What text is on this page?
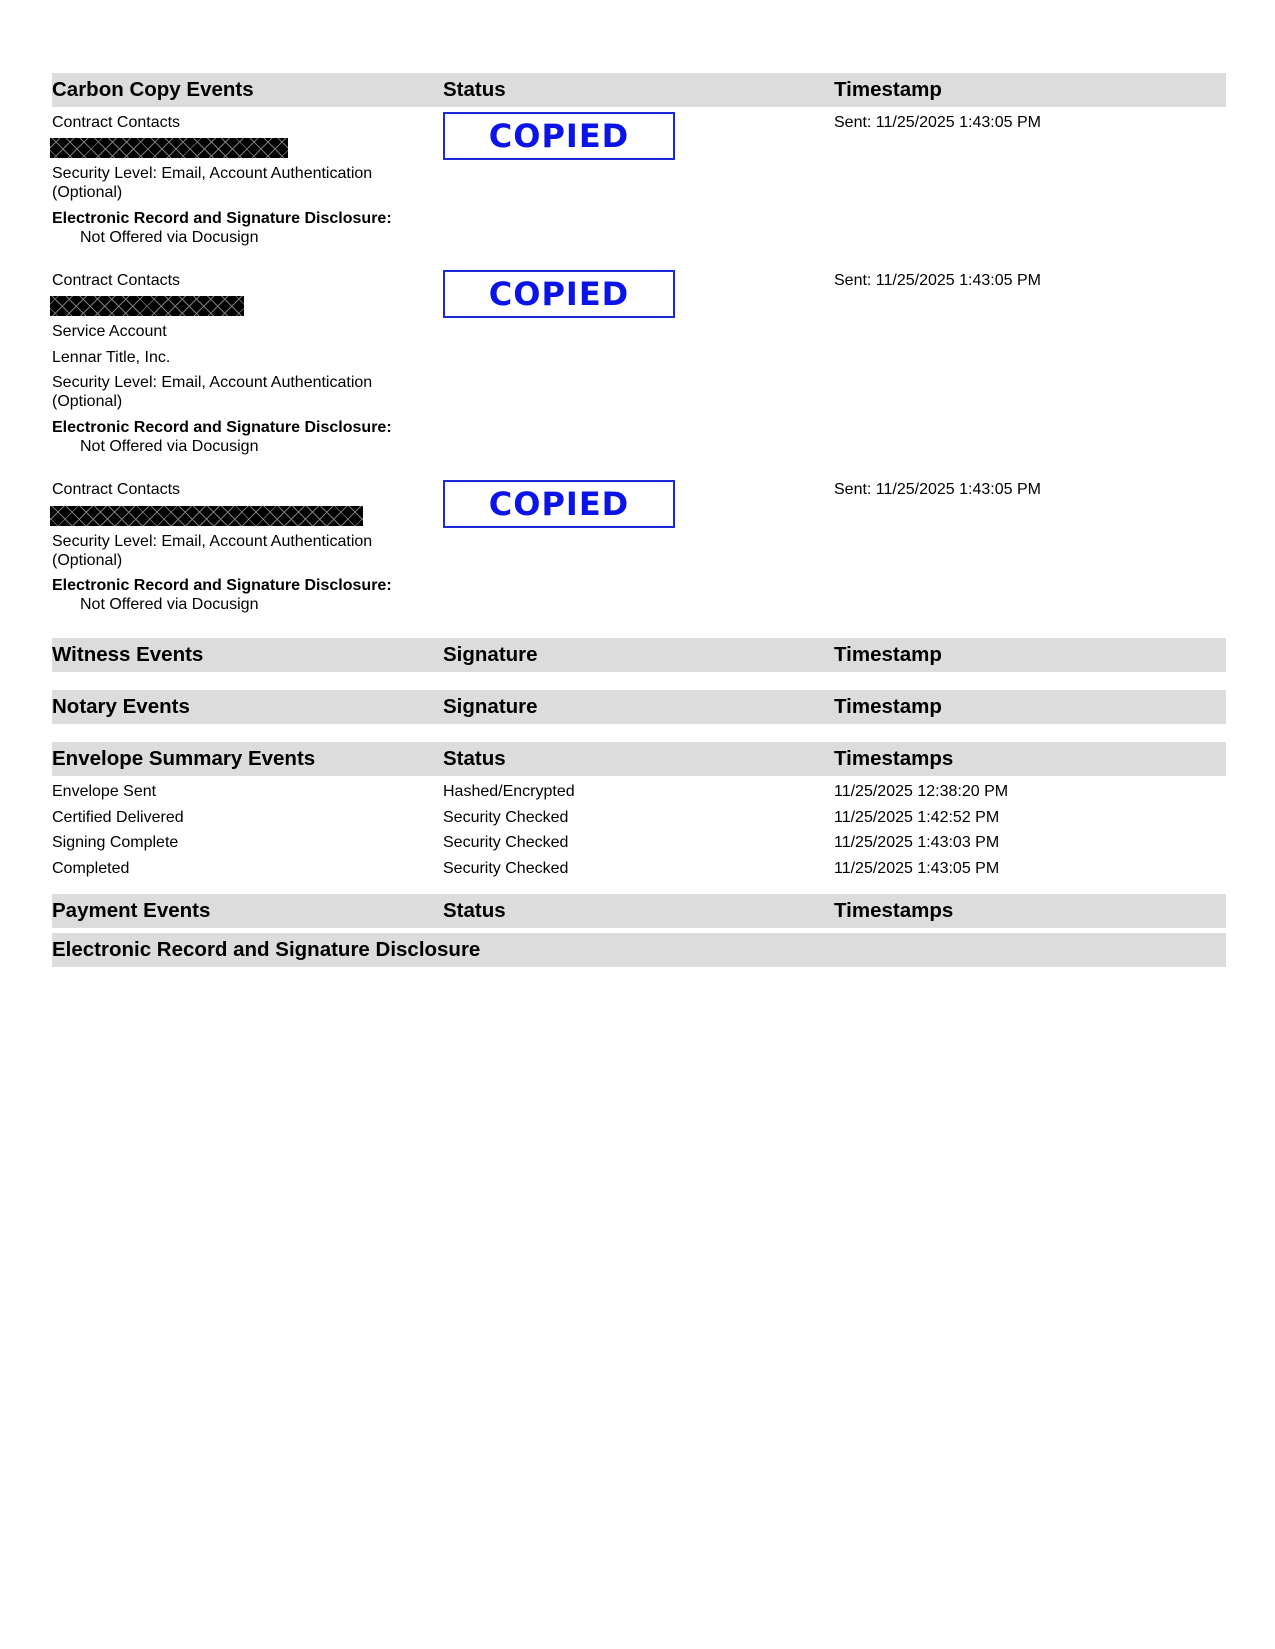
Carbon Copy Events	Status	Timestamp
Contract Contacts
Security Level: Email, Account Authentication
(Optional)
Electronic Record and Signature Disclosure:
Not Offered via Docusign
COPIED	Sent: 11/25/2025 1:43:05 PM
Contract Contacts
Service Account
Lennar Title, Inc.
Security Level: Email, Account Authentication
(Optional)
Electronic Record and Signature Disclosure:
Not Offered via Docusign
COPIED	Sent: 11/25/2025 1:43:05 PM
Contract Contacts
Security Level: Email, Account Authentication
(Optional)
Electronic Record and Signature Disclosure:
Not Offered via Docusign
COPIED	Sent: 11/25/2025 1:43:05 PM
Witness Events	Signature	Timestamp
Notary Events	Signature	Timestamp
Envelope Summary Events	Status	Timestamps
Envelope Sent	Hashed/Encrypted	11/25/2025 12:38:20 PM
Certified Delivered	Security Checked	11/25/2025 1:42:52 PM
Signing Complete	Security Checked	11/25/2025 1:43:03 PM
Completed	Security Checked	11/25/2025 1:43:05 PM
Payment Events	Status	Timestamps
Electronic Record and Signature Disclosure
